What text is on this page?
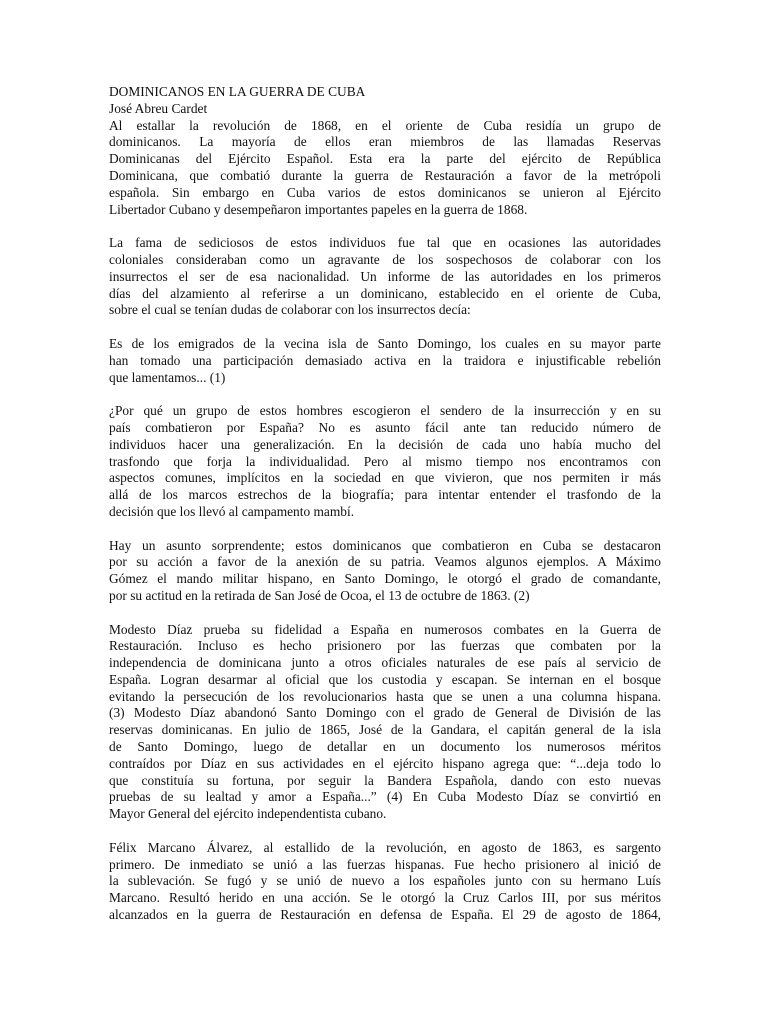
DOMINICANOS EN LA GUERRA DE CUBA
José Abreu Cardet
Al estallar la revolución de 1868, en el oriente de Cuba residía un grupo de
dominicanos. La mayoría de ellos eran miembros de las llamadas Reservas
Dominicanas del Ejército Español. Esta era la parte del ejército de República
Dominicana, que combatió durante la guerra de Restauración a favor de la metrópoli
española. Sin embargo en Cuba varios de estos dominicanos se unieron al Ejército
Libertador Cubano y desempeñaron importantes papeles en la guerra de 1868.
La fama de sediciosos de estos individuos fue tal que en ocasiones las autoridades
coloniales consideraban como un agravante de los sospechosos de colaborar con los
insurrectos el ser de esa nacionalidad. Un informe de las autoridades en los primeros
días del alzamiento al referirse a un dominicano, establecido en el oriente de Cuba,
sobre el cual se tenían dudas de colaborar con los insurrectos decía:
Es de los emigrados de la vecina isla de Santo Domingo, los cuales en su mayor parte
han tomado una participación demasiado activa en la traidora e injustificable rebelión
que lamentamos... (1)
¿Por qué un grupo de estos hombres escogieron el sendero de la insurrección y en su
país combatieron por España? No es asunto fácil ante tan reducido número de
individuos hacer una generalización. En la decisión de cada uno había mucho del
trasfondo que forja la individualidad. Pero al mismo tiempo nos encontramos con
aspectos comunes, implícitos en la sociedad en que vivieron, que nos permiten ir más
allá de los marcos estrechos de la biografía; para intentar entender el trasfondo de la
decisión que los llevó al campamento mambí.
Hay un asunto sorprendente; estos dominicanos que combatieron en Cuba se destacaron
por su acción a favor de la anexión de su patria. Veamos algunos ejemplos. A Máximo
Gómez el mando militar hispano, en Santo Domingo, le otorgó el grado de comandante,
por su actitud en la retirada de San José de Ocoa, el 13 de octubre de 1863. (2)
Modesto Díaz prueba su fidelidad a España en numerosos combates en la Guerra de
Restauración. Incluso es hecho prisionero por las fuerzas que combaten por la
independencia de dominicana junto a otros oficiales naturales de ese país al servicio de
España. Logran desarmar al oficial que los custodia y escapan. Se internan en el bosque
evitando la persecución de los revolucionarios hasta que se unen a una columna hispana.
(3) Modesto Díaz abandonó Santo Domingo con el grado de General de División de las
reservas dominicanas. En julio de 1865, José de la Gandara, el capitán general de la isla
de Santo Domingo, luego de detallar en un documento los numerosos méritos
contraídos por Díaz en sus actividades en el ejército hispano agrega que: “...deja todo lo
que constituía su fortuna, por seguir la Bandera Española, dando con esto nuevas
pruebas de su lealtad y amor a España...” (4) En Cuba Modesto Díaz se convirtió en
Mayor General del ejército independentista cubano.
Félix Marcano Álvarez, al estallido de la revolución, en agosto de 1863, es sargento
primero. De inmediato se unió a las fuerzas hispanas. Fue hecho prisionero al inició de
la sublevación. Se fugó y se unió de nuevo a los españoles junto con su hermano Luís
Marcano. Resultó herido en una acción. Se le otorgó la Cruz Carlos III, por sus méritos
alcanzados en la guerra de Restauración en defensa de España. El 29 de agosto de 1864,
